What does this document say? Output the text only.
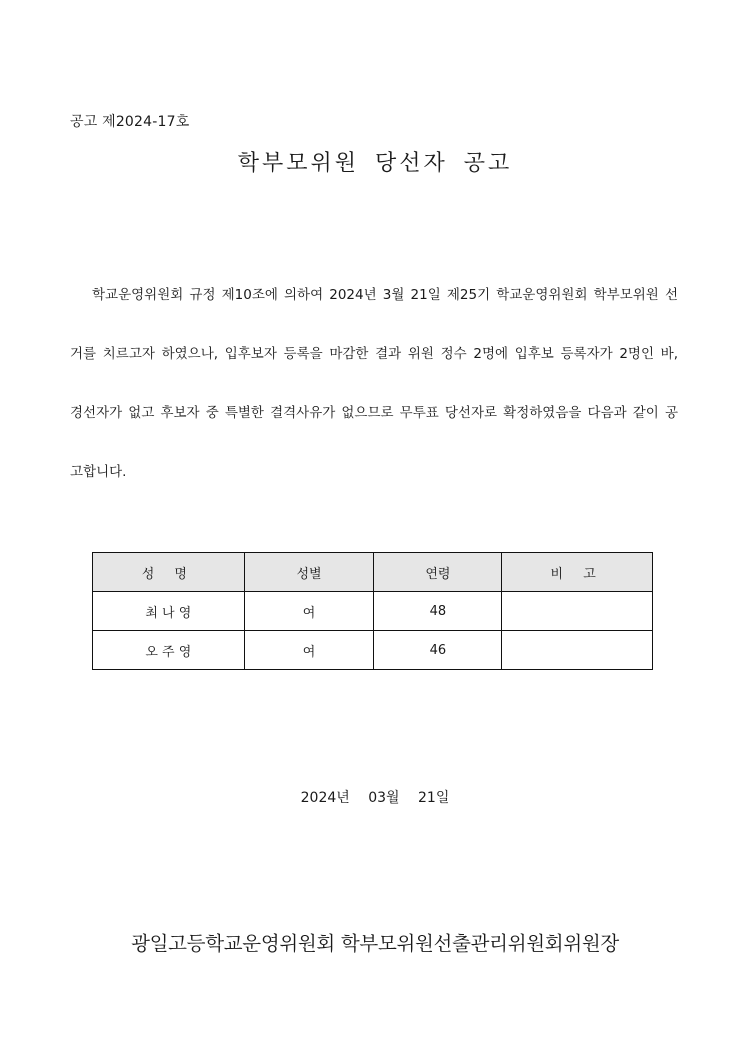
공고 제2024-17호
학부모위원 당선자 공고

학교운영위원회 규정 제10조에 의하여 2024년 3월 21일 제25기 학교운영위원회 학부모위원 선거를 치르고자 하였으나, 입후보자 등록을 마감한 결과 위원 정수 2명에 입후보 등록자가 2명인 바, 경선자가 없고 후보자 중 특별한 결격사유가 없으므로 무투표 당선자로 확정하였음을 다음과 같이 공고합니다.

성 명	성별	연령	비 고
최 나 영	여	48	
오 주 영	여	46	
2024년 03월 21일
광일고등학교운영위원회 학부모위원선출관리위원회위원장
